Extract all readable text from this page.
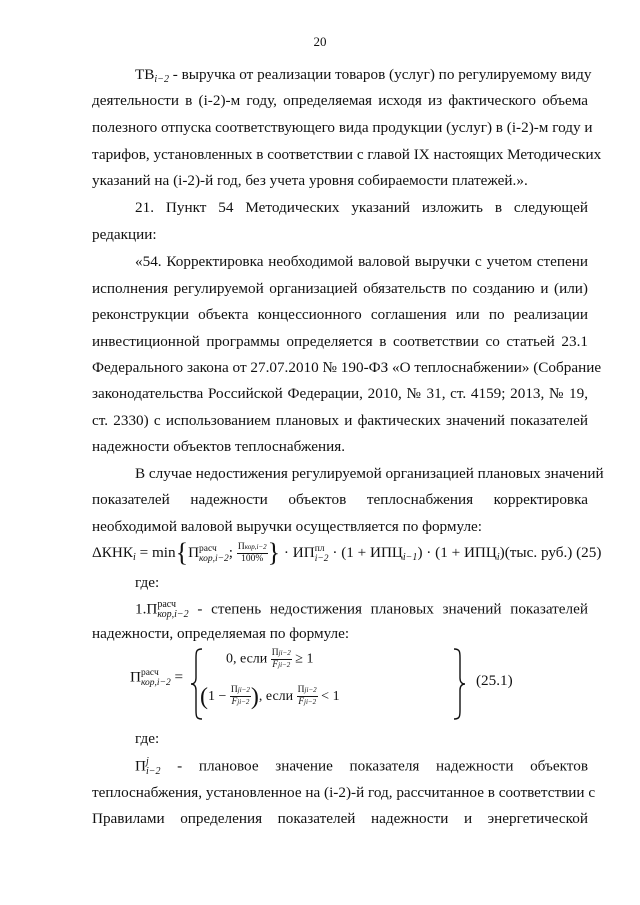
20
$ТВ_{i-2}$ - выручка от реализации товаров (услуг) по регулируемому виду
деятельности в (i-2)-м году, определяемая исходя из фактического объема
полезного отпуска соответствующего вида продукции (услуг) в (i-2)-м году и
тарифов, установленных в соответствии с главой IX настоящих Методических
указаний на (i-2)-й год, без учета уровня собираемости платежей.».
21. Пункт 54 Методических указаний изложить в следующей
редакции:
«54. Корректировка необходимой валовой выручки с учетом степени
исполнения регулируемой организацией обязательств по созданию и (или)
реконструкции объекта концессионного соглашения или по реализации
инвестиционной программы определяется в соответствии со статьей 23.1
Федерального закона от 27.07.2010 № 190-ФЗ «О теплоснабжении» (Собрание
законодательства Российской Федерации, 2010, № 31, ст. 4159; 2013, № 19,
ст. 2330) с использованием плановых и фактических значений показателей
надежности объектов теплоснабжения.
В случае недостижения регулируемой организацией плановых значений
показателей надежности объектов теплоснабжения корректировка
необходимой валовой выручки осуществляется по формуле:
$\Delta КНК_i = \min\{П$ расч
кор,i−2 ; $\frac{\text{Пкор,i−2}}{100\%}$ } · ИП пл
$i-2 \cdot (1 + ИПЦ_{i-1}) \cdot (1 + ИПЦ_i)(тыс$. руб.) (25)
где:
1.П расч
кор,i−2 - степень недостижения плановых значений показателей
надежности, определяемая по формуле:
П расч
кор,i−2 =
0, если $\frac{\text{Пji−2}}{\text{Fji−2}} \ge 1$
($1 - \frac{\text{Пji−2}}{\text{Fji−2}}$ ), если $\frac{\text{Пji−2}}{\text{Fji−2}} < 1$
(25.1)
где:
П j
i−2 - плановое значение показателя надежности объектов
теплоснабжения, установленное на (i-2)-й год, рассчитанное в соответствии с
Правилами определения показателей надежности и энергетической
